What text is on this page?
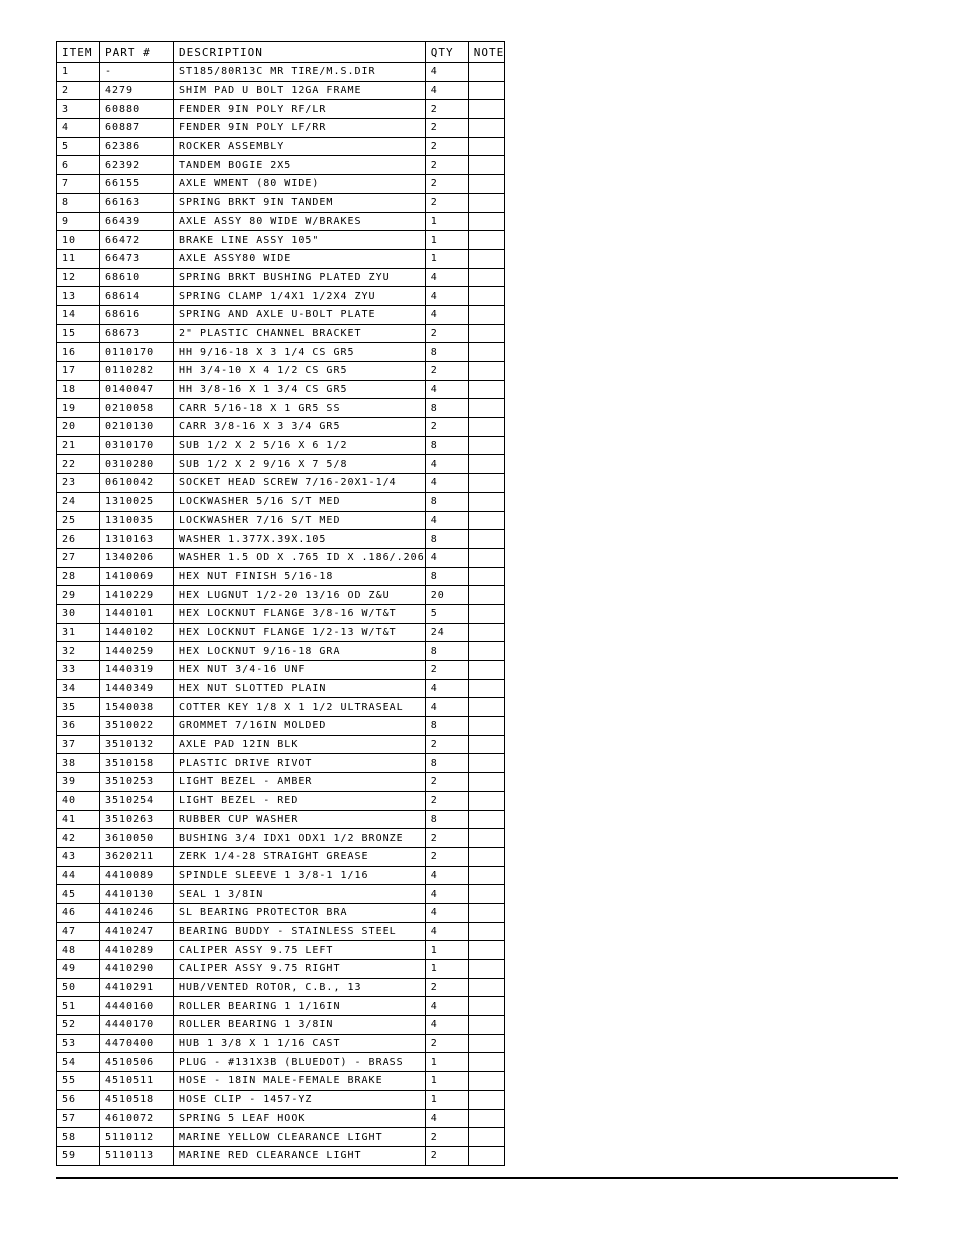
ITEM	PART #	DESCRIPTION	QTY	NOTE
1	-	ST185/80R13C MR TIRE/M.S.DIR	4	
2	4279	SHIM PAD U BOLT 12GA FRAME	4	
3	60880	FENDER 9IN POLY RF/LR	2	
4	60887	FENDER 9IN POLY LF/RR	2	
5	62386	ROCKER ASSEMBLY	2	
6	62392	TANDEM BOGIE 2X5	2	
7	66155	AXLE WMENT (80 WIDE)	2	
8	66163	SPRING BRKT 9IN TANDEM	2	
9	66439	AXLE ASSY 80 WIDE W/BRAKES	1	
10	66472	BRAKE LINE ASSY 105"	1	
11	66473	AXLE ASSY80 WIDE	1	
12	68610	SPRING BRKT BUSHING PLATED ZYU	4	
13	68614	SPRING CLAMP 1/4X1 1/2X4 ZYU	4	
14	68616	SPRING AND AXLE U-BOLT PLATE	4	
15	68673	2" PLASTIC CHANNEL BRACKET	2	
16	0110170	HH 9/16-18 X 3 1/4 CS GR5	8	
17	0110282	HH 3/4-10 X 4 1/2 CS GR5	2	
18	0140047	HH 3/8-16 X 1 3/4 CS GR5	4	
19	0210058	CARR 5/16-18 X 1 GR5 SS	8	
20	0210130	CARR 3/8-16 X 3 3/4 GR5	2	
21	0310170	SUB 1/2 X 2 5/16 X 6 1/2	8	
22	0310280	SUB 1/2 X 2 9/16 X 7 5/8	4	
23	0610042	SOCKET HEAD SCREW 7/16-20X1-1/4	4	
24	1310025	LOCKWASHER 5/16 S/T MED	8	
25	1310035	LOCKWASHER 7/16 S/T MED	4	
26	1310163	WASHER 1.377X.39X.105	8	
27	1340206	WASHER 1.5 OD X .765 ID X .186/.206	4	
28	1410069	HEX NUT FINISH 5/16-18	8	
29	1410229	HEX LUGNUT 1/2-20 13/16 OD Z&U	20	
30	1440101	HEX LOCKNUT FLANGE 3/8-16 W/T&T	5	
31	1440102	HEX LOCKNUT FLANGE 1/2-13 W/T&T	24	
32	1440259	HEX LOCKNUT 9/16-18 GRA	8	
33	1440319	HEX NUT 3/4-16 UNF	2	
34	1440349	HEX NUT SLOTTED PLAIN	4	
35	1540038	COTTER KEY 1/8 X 1 1/2 ULTRASEAL	4	
36	3510022	GROMMET 7/16IN MOLDED	8	
37	3510132	AXLE PAD 12IN BLK	2	
38	3510158	PLASTIC DRIVE RIVOT	8	
39	3510253	LIGHT BEZEL - AMBER	2	
40	3510254	LIGHT BEZEL - RED	2	
41	3510263	RUBBER CUP WASHER	8	
42	3610050	BUSHING 3/4 IDX1 ODX1 1/2 BRONZE	2	
43	3620211	ZERK 1/4-28 STRAIGHT GREASE	2	
44	4410089	SPINDLE SLEEVE 1 3/8-1 1/16	4	
45	4410130	SEAL 1 3/8IN	4	
46	4410246	SL BEARING PROTECTOR BRA	4	
47	4410247	BEARING BUDDY - STAINLESS STEEL	4	
48	4410289	CALIPER ASSY 9.75 LEFT	1	
49	4410290	CALIPER ASSY 9.75 RIGHT	1	
50	4410291	HUB/VENTED ROTOR, C.B., 13	2	
51	4440160	ROLLER BEARING 1 1/16IN	4	
52	4440170	ROLLER BEARING 1 3/8IN	4	
53	4470400	HUB 1 3/8 X 1 1/16 CAST	2	
54	4510506	PLUG - #131X3B (BLUEDOT) - BRASS	1	
55	4510511	HOSE - 18IN MALE-FEMALE BRAKE	1	
56	4510518	HOSE CLIP - 1457-YZ	1	
57	4610072	SPRING 5 LEAF HOOK	4	
58	5110112	MARINE YELLOW CLEARANCE LIGHT	2	
59	5110113	MARINE RED CLEARANCE LIGHT	2	
